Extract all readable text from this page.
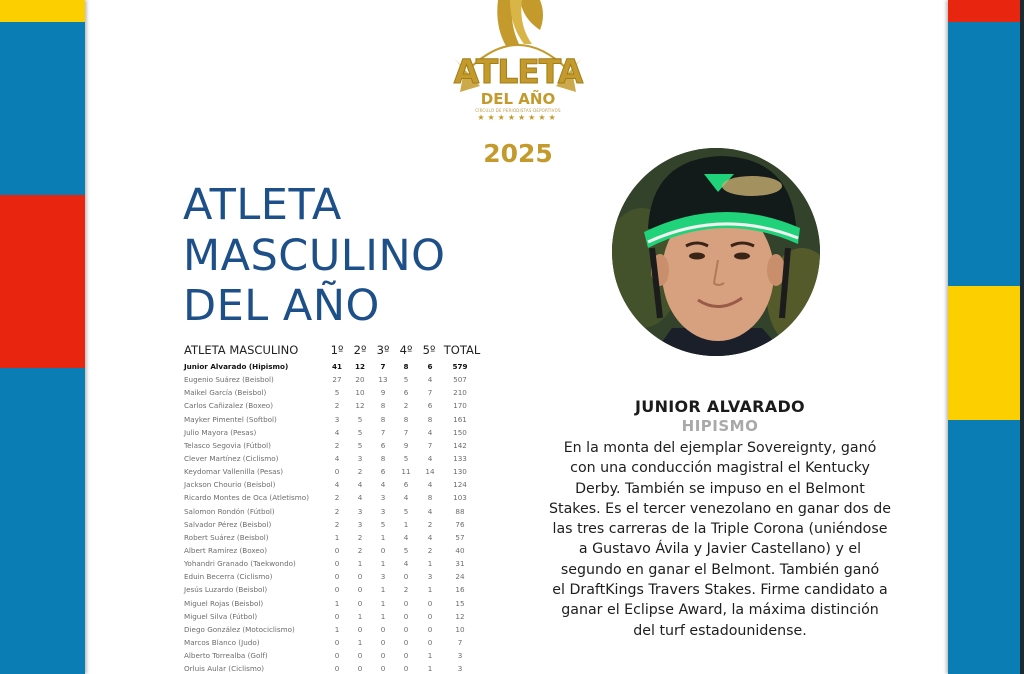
ATLETA
DEL AÑO
CÍRCULO DE PERIODISTAS DEPORTIVOS
★★★★★★★★
2025
ATLETA
MASCULINO
DEL AÑO
ATLETA MASCULINO	1º 2º 3º 4º 5º TOTAL
Junior Alvarado (Hipismo)	41	12	7	8	6	579
Eugenio Suárez (Beisbol)	27	20	13	5	4	507
Maikel García (Beisbol)	5	10	9	6	7	210
Carlos Cañizalez (Boxeo)	2	12	8	2	6	170
Mayker Pimentel (Softbol)	3	5	8	8	8	161
Julio Mayora (Pesas)	4	5	7	7	4	150
Telasco Segovia (Fútbol)	2	5	6	9	7	142
Clever Martínez (Ciclismo)	4	3	8	5	4	133
Keydomar Vallenilla (Pesas)	0	2	6	11	14	130
Jackson Chourio (Beisbol)	4	4	4	6	4	124
Ricardo Montes de Oca (Atletismo)	2	4	3	4	8	103
Salomon Rondón (Fútbol)	2	3	3	5	4	88
Salvador Pérez (Beisbol)	2	3	5	1	2	76
Robert Suárez (Beisbol)	1	2	1	4	4	57
Albert Ramírez (Boxeo)	0	2	0	5	2	40
Yohandri Granado (Taekwondo)	0	1	1	4	1	31
Eduin Becerra (Ciclismo)	0	0	3	0	3	24
Jesús Luzardo (Beisbol)	0	0	1	2	1	16
Miguel Rojas (Beisbol)	1	0	1	0	0	15
Miguel Silva (Fútbol)	0	1	1	0	0	12
Diego González (Motociclismo)	1	0	0	0	0	10
Marcos Blanco (Judo)	0	1	0	0	0	7
Alberto Torrealba (Golf)	0	0	0	0	1	3
Orluis Aular (Ciclismo)	0	0	0	0	1	3
JUNIOR ALVARADO
HIPISMO
En la monta del ejemplar Sovereignty, ganó
con una conducción magistral el Kentucky
Derby. También se impuso en el Belmont
Stakes. Es el tercer venezolano en ganar dos de
las tres carreras de la Triple Corona (uniéndose
a Gustavo Ávila y Javier Castellano) y el
segundo en ganar el Belmont. También ganó
el DraftKings Travers Stakes. Firme candidato a
ganar el Eclipse Award, la máxima distinción
del turf estadounidense.
